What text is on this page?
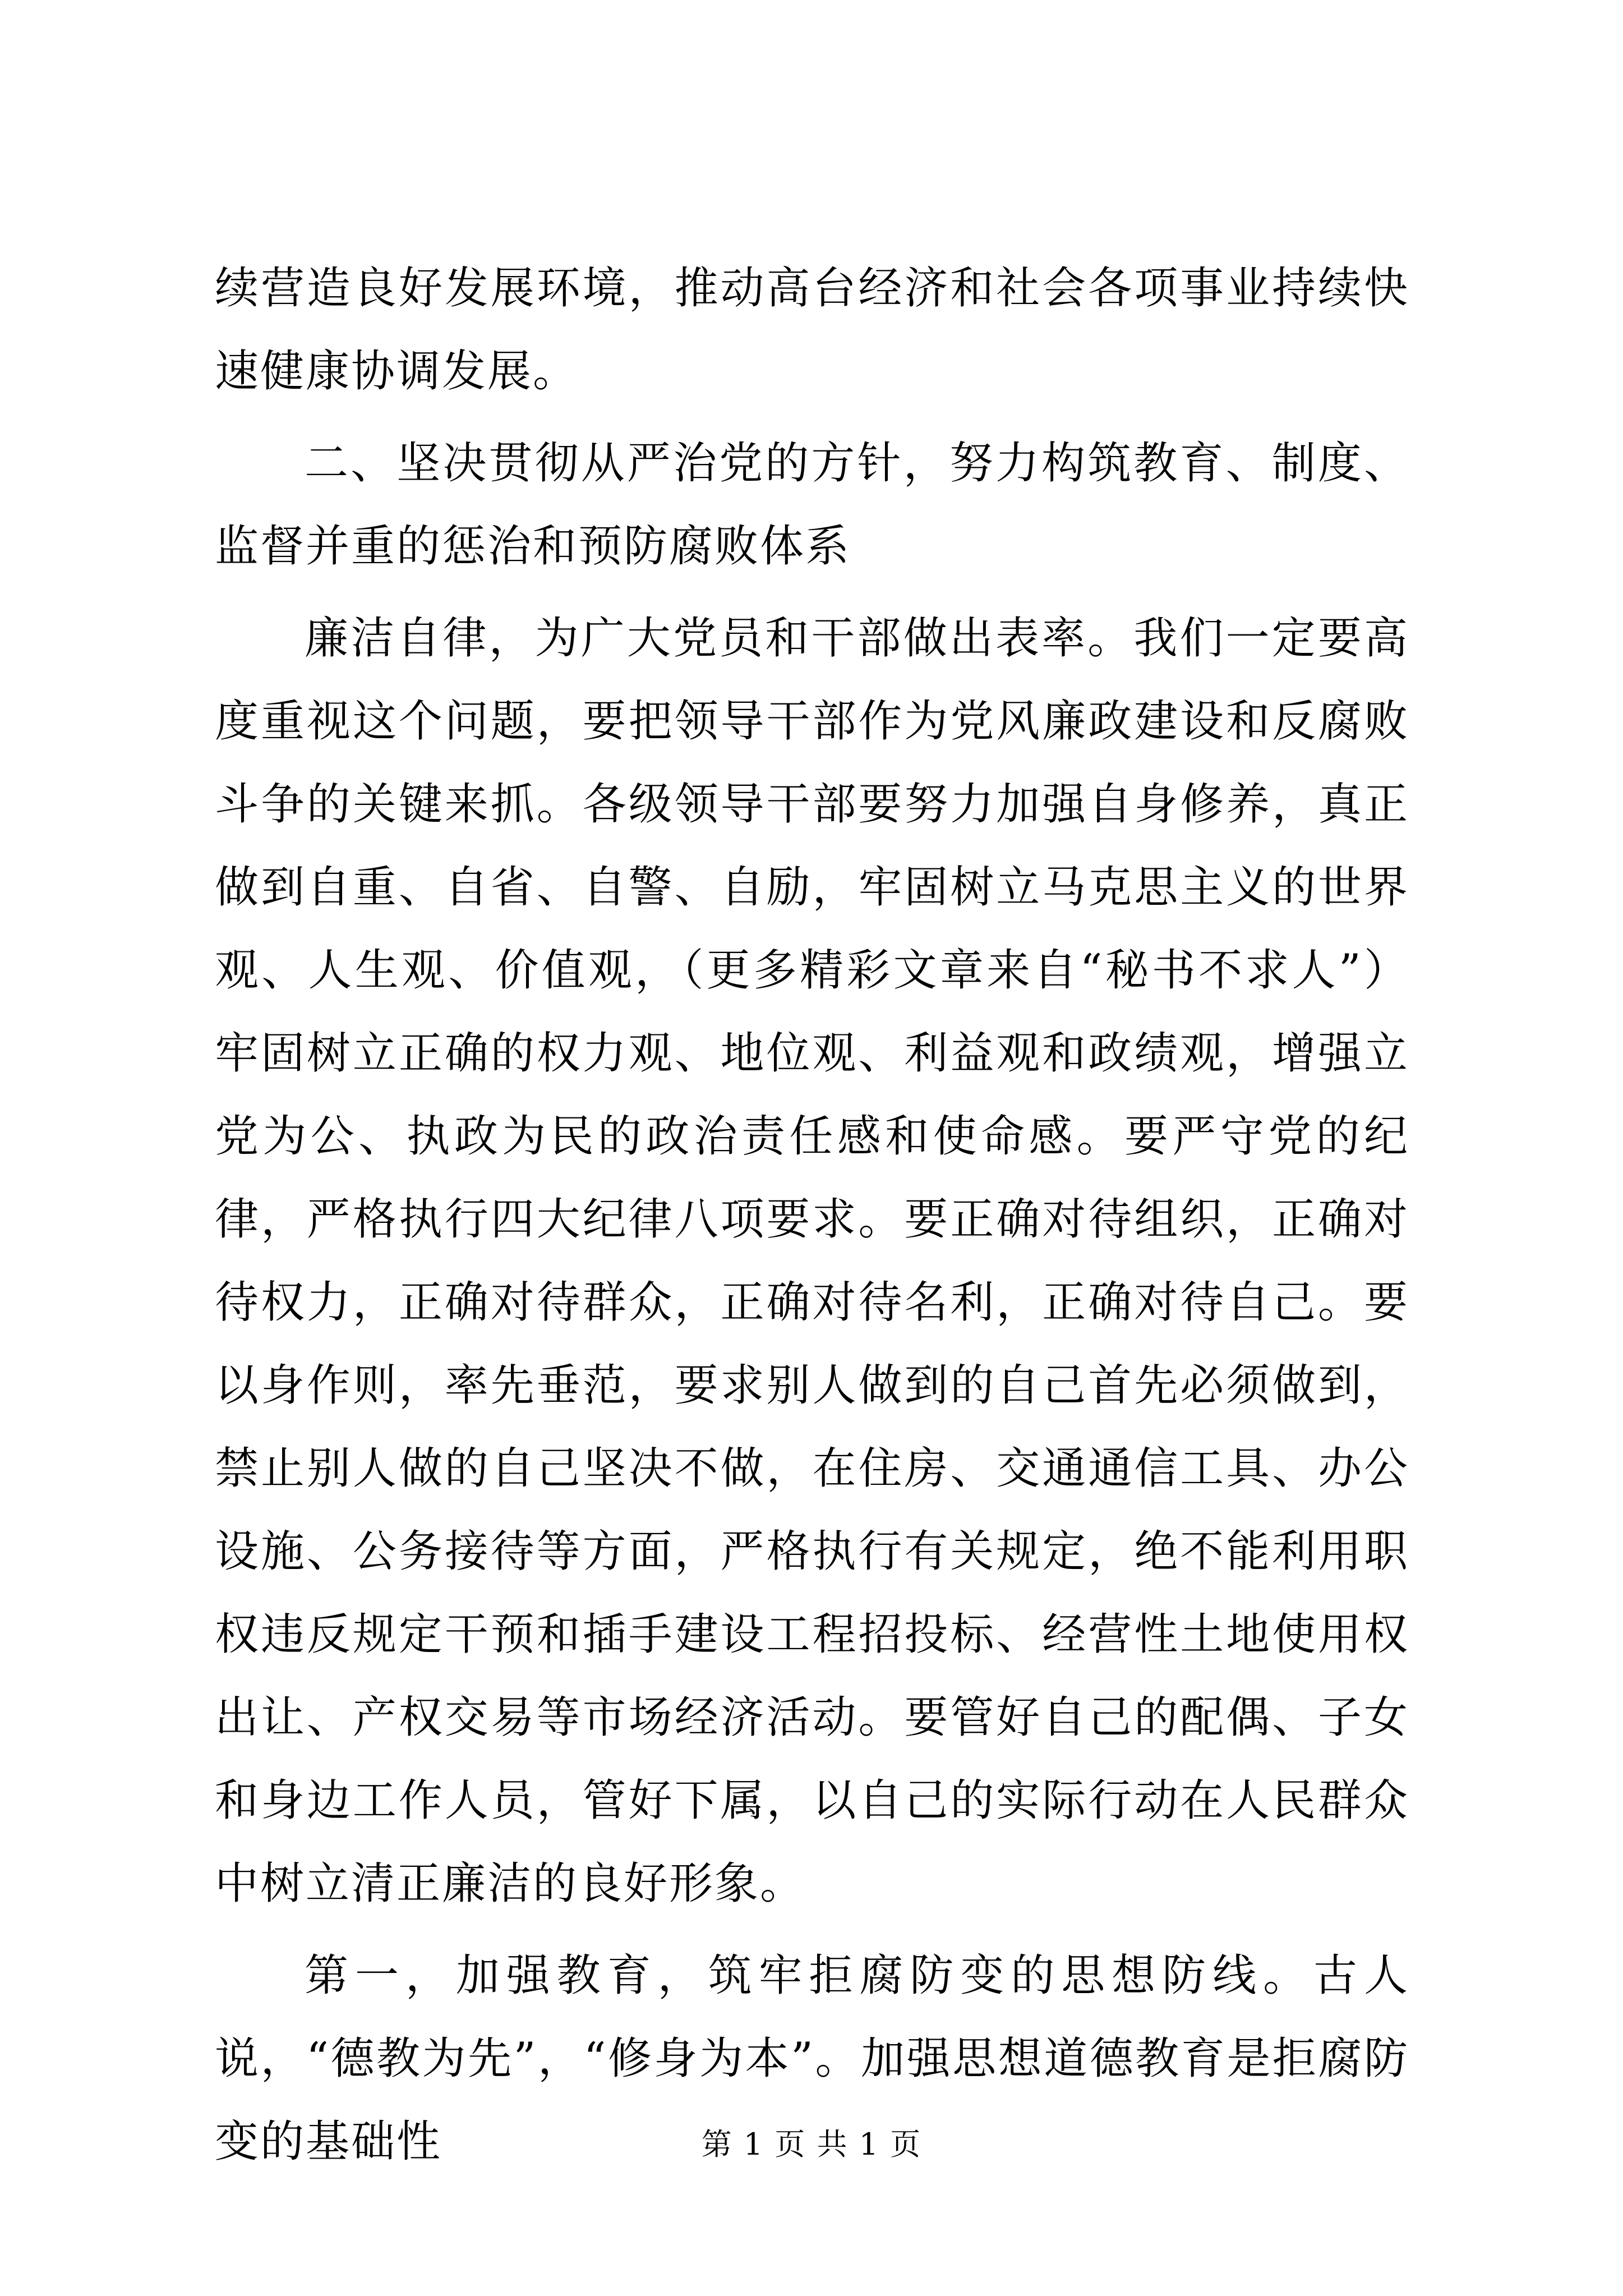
续营造良好发展环境，推动高台经济和社会各项事业持续快速健康协调发展。

二、坚决贯彻从严治党的方针，努力构筑教育、制度、监督并重的惩治和预防腐败体系

廉洁自律，为广大党员和干部做出表率。我们一定要高度重视这个问题，要把领导干部作为党风廉政建设和反腐败斗争的关键来抓。各级领导干部要努力加强自身修养，真正做到自重、自省、自警、自励，牢固树立马克思主义的世界观、人生观、价值观，（更多精彩文章来自“秘书不求人”）牢固树立正确的权力观、地位观、利益观和政绩观，增强立党为公、执政为民的政治责任感和使命感。要严守党的纪律，严格执行四大纪律八项要求。要正确对待组织，正确对待权力，正确对待群众，正确对待名利，正确对待自己。要以身作则，率先垂范，要求别人做到的自己首先必须做到，禁止别人做的自己坚决不做，在住房、交通通信工具、办公设施、公务接待等方面，严格执行有关规定，绝不能利用职权违反规定干预和插手建设工程招投标、经营性土地使用权出让、产权交易等市场经济活动。要管好自己的配偶、子女和身边工作人员，管好下属，以自己的实际行动在人民群众中树立清正廉洁的良好形象。

第一，加强教育，筑牢拒腐防变的思想防线。古人说，“德教为先”，“修身为本”。加强思想道德教育是拒腐防变的基础性	第 1 页 共 1 页
